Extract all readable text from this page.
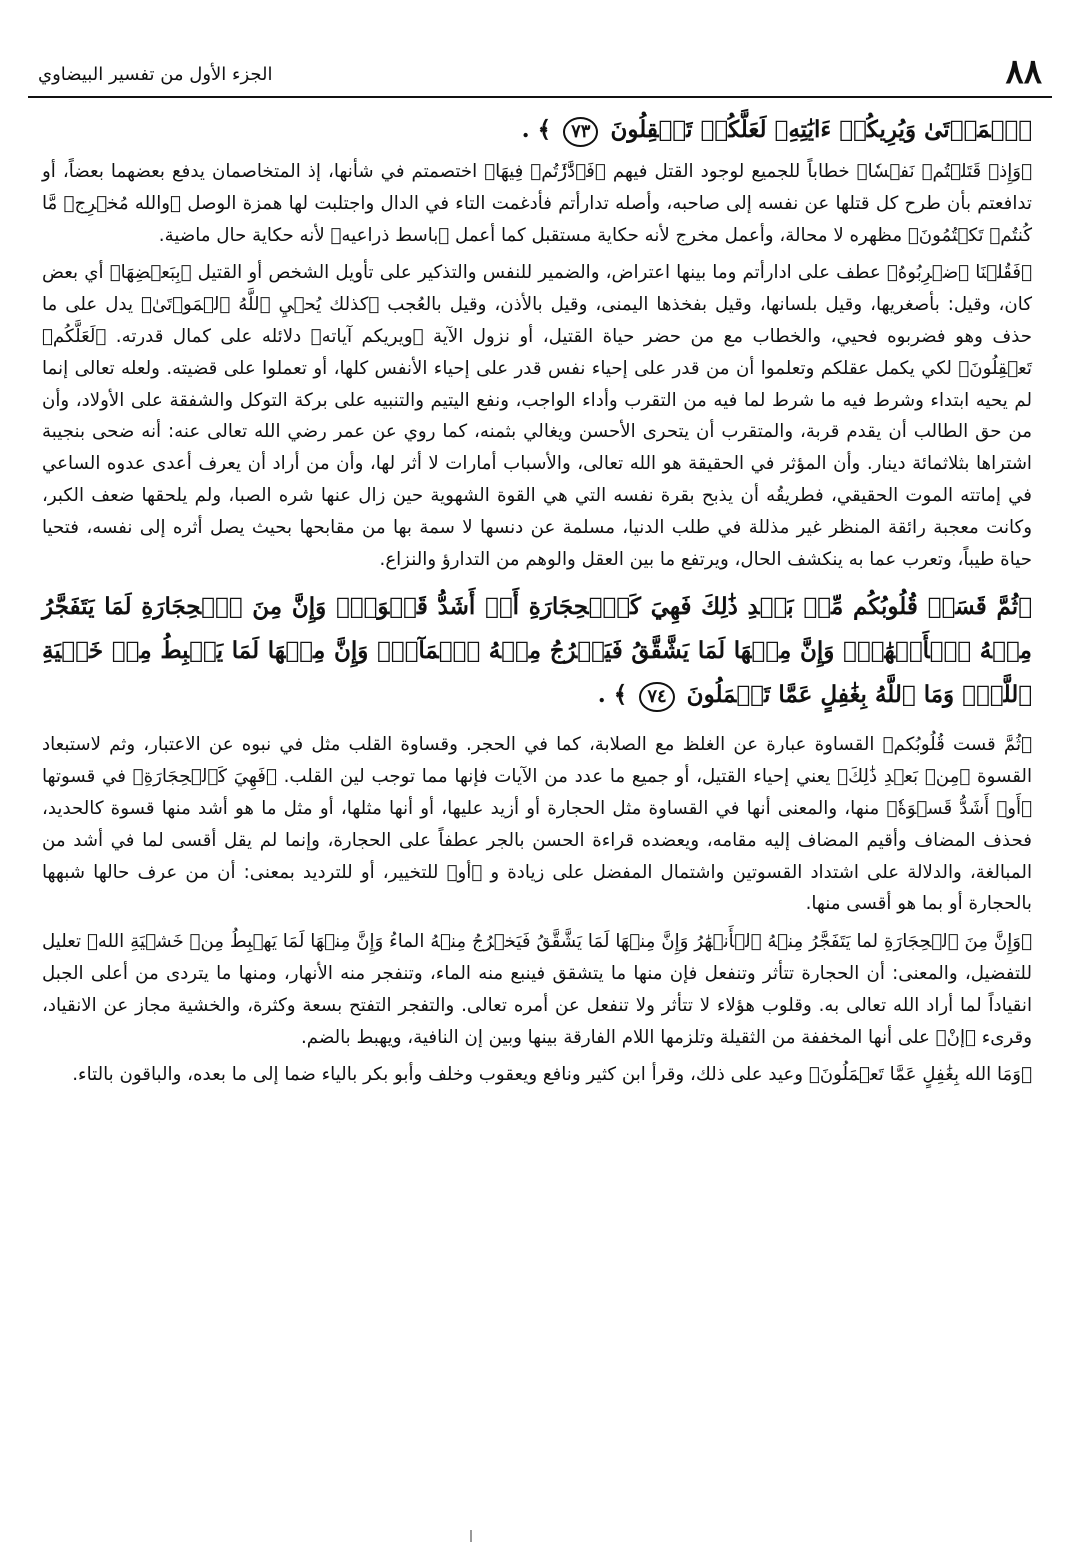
٨٨
الجزء الأول من تفسير البيضاوي

ٱلۡمَوۡتَىٰ وَيُرِيكُمۡ ءَايَٰتِهِۦ لَعَلَّكُمۡ تَعۡقِلُونَ ٧٣ ﴾ .

﴿وَإِذۡ قَتَلۡتُمۡ نَفۡسٗا﴾ خطاباً للجميع لوجود القتل فيهم ﴿فَٱدَّٰرَٰٔتُمۡ فِيهَا﴾ اختصمتم في شأنها، إذ المتخاصمان يدفع بعضهما بعضاً، أو تدافعتم بأن طرح كل قتلها عن نفسه إلى صاحبه، وأصله تدارأتم فأدغمت التاء في الدال واجتلبت لها همزة الوصل ﴿والله مُخۡرِجٞ مَّا كُنتُمۡ تَكۡتُمُونَ﴾ مظهره لا محالة، وأعمل مخرج لأنه حكاية مستقبل كما أعمل ﴿باسط ذراعيه﴾ لأنه حكاية حال ماضية.

﴿فَقُلۡنَا ٱضۡرِبُوهُ﴾ عطف على ادارأتم وما بينها اعتراض، والضمير للنفس والتذكير على تأويل الشخص أو القتيل ﴿بِبَعۡضِهَا﴾ أي بعض كان، وقيل: بأصغريها، وقيل بلسانها، وقيل بفخذها اليمنى، وقيل بالأذن، وقيل بالعُجب ﴿كذلك يُحۡيِ ٱللَّهُ ٱلۡمَوۡتَىٰ﴾ يدل على ما حذف وهو فضربوه فحيي، والخطاب مع من حضر حياة القتيل، أو نزول الآية ﴿ويريكم آياته﴾ دلائله على كمال قدرته. ﴿لَعَلَّكُمۡ تَعۡقِلُونَ﴾ لكي يكمل عقلكم وتعلموا أن من قدر على إحياء نفس قدر على إحياء الأنفس كلها، أو تعملوا على قضيته. ولعله تعالى إنما لم يحيه ابتداء وشرط فيه ما شرط لما فيه من التقرب وأداء الواجب، ونفع اليتيم والتنبيه على بركة التوكل والشفقة على الأولاد، وأن من حق الطالب أن يقدم قربة، والمتقرب أن يتحرى الأحسن ويغالي بثمنه، كما روي عن عمر رضي الله تعالى عنه: أنه ضحى بنجيبة اشتراها بثلاثمائة دينار. وأن المؤثر في الحقيقة هو الله تعالى، والأسباب أمارات لا أثر لها، وأن من أراد أن يعرف أعدى عدوه الساعي في إماتته الموت الحقيقي، فطريقُه أن يذبح بقرة نفسه التي هي القوة الشهوية حين زال عنها شره الصبا، ولم يلحقها ضعف الكبر، وكانت معجبة رائقة المنظر غير مذللة في طلب الدنيا، مسلمة عن دنسها لا سمة بها من مقابحها بحيث يصل أثره إلى نفسه، فتحيا حياة طيباً، وتعرب عما به ينكشف الحال، ويرتفع ما بين العقل والوهم من التدارؤ والنزاع.

﴿ثُمَّ قَسَتۡ قُلُوبُكُم مِّنۢ بَعۡدِ ذَٰلِكَ فَهِيَ كَٱلۡحِجَارَةِ أَوۡ أَشَدُّ قَسۡوَةٗۚ وَإِنَّ مِنَ ٱلۡحِجَارَةِ لَمَا يَتَفَجَّرُ مِنۡهُ ٱلۡأَنۡهَٰرُۚ وَإِنَّ مِنۡهَا لَمَا يَشَّقَّقُ فَيَخۡرُجُ مِنۡهُ ٱلۡمَآءُۚ وَإِنَّ مِنۡهَا لَمَا يَهۡبِطُ مِنۡ خَشۡيَةِ ٱللَّهِۗ وَمَا ٱللَّهُ بِغَٰفِلٍ عَمَّا تَعۡمَلُونَ ٧٤ ﴾ .

﴿ثُمَّ قست قُلُوبُكم﴾ القساوة عبارة عن الغلظ مع الصلابة، كما في الحجر. وقساوة القلب مثل في نبوه عن الاعتبار، وثم لاستبعاد القسوة ﴿مِنۢ بَعۡدِ ذَٰلِكَ﴾ يعني إحياء القتيل، أو جميع ما عدد من الآيات فإنها مما توجب لين القلب. ﴿فَهِيَ كَٱلۡحِجَارَةِ﴾ في قسوتها ﴿أَوۡ أَشَدُّ قَسۡوَةٗ﴾ منها، والمعنى أنها في القساوة مثل الحجارة أو أزيد عليها، أو أنها مثلها، أو مثل ما هو أشد منها قسوة كالحديد، فحذف المضاف وأقيم المضاف إليه مقامه، ويعضده قراءة الحسن بالجر عطفاً على الحجارة، وإنما لم يقل أقسى لما في أشد من المبالغة، والدلالة على اشتداد القسوتين واشتمال المفضل على زيادة و ﴿أو﴾ للتخيير، أو للترديد بمعنى: أن من عرف حالها شبهها بالحجارة أو بما هو أقسى منها.

﴿وَإِنَّ مِنَ ٱلۡحِجَارَةِ لما يَتَفَجَّرُ مِنۡهُ ٱلۡأَنۡهَٰرُ وَإِنَّ مِنۡهَا لَمَا يَشَّقَّقُ فَيَخۡرُجُ مِنۡهُ الماءُ وَإِنَّ مِنۡهَا لَمَا يَهۡبِطُ مِنۡ خَشۡيَةِ الله﴾ تعليل للتفضيل، والمعنى: أن الحجارة تتأثر وتنفعل فإن منها ما يتشقق فينبع منه الماء، وتنفجر منه الأنهار، ومنها ما يتردى من أعلى الجبل انقياداً لما أراد الله تعالى به. وقلوب هؤلاء لا تتأثر ولا تنفعل عن أمره تعالى. والتفجر التفتح بسعة وكثرة، والخشية مجاز عن الانقياد، وقرىء ﴿إنْ﴾ على أنها المخففة من الثقيلة وتلزمها اللام الفارقة بينها وبين إن النافية، ويهبط بالضم.

﴿وَمَا الله بِغَٰفِلٍ عَمَّا تَعۡمَلُونَ﴾ وعيد على ذلك، وقرأ ابن كثير ونافع ويعقوب وخلف وأبو بكر بالياء ضما إلى ما بعده، والباقون بالتاء.
